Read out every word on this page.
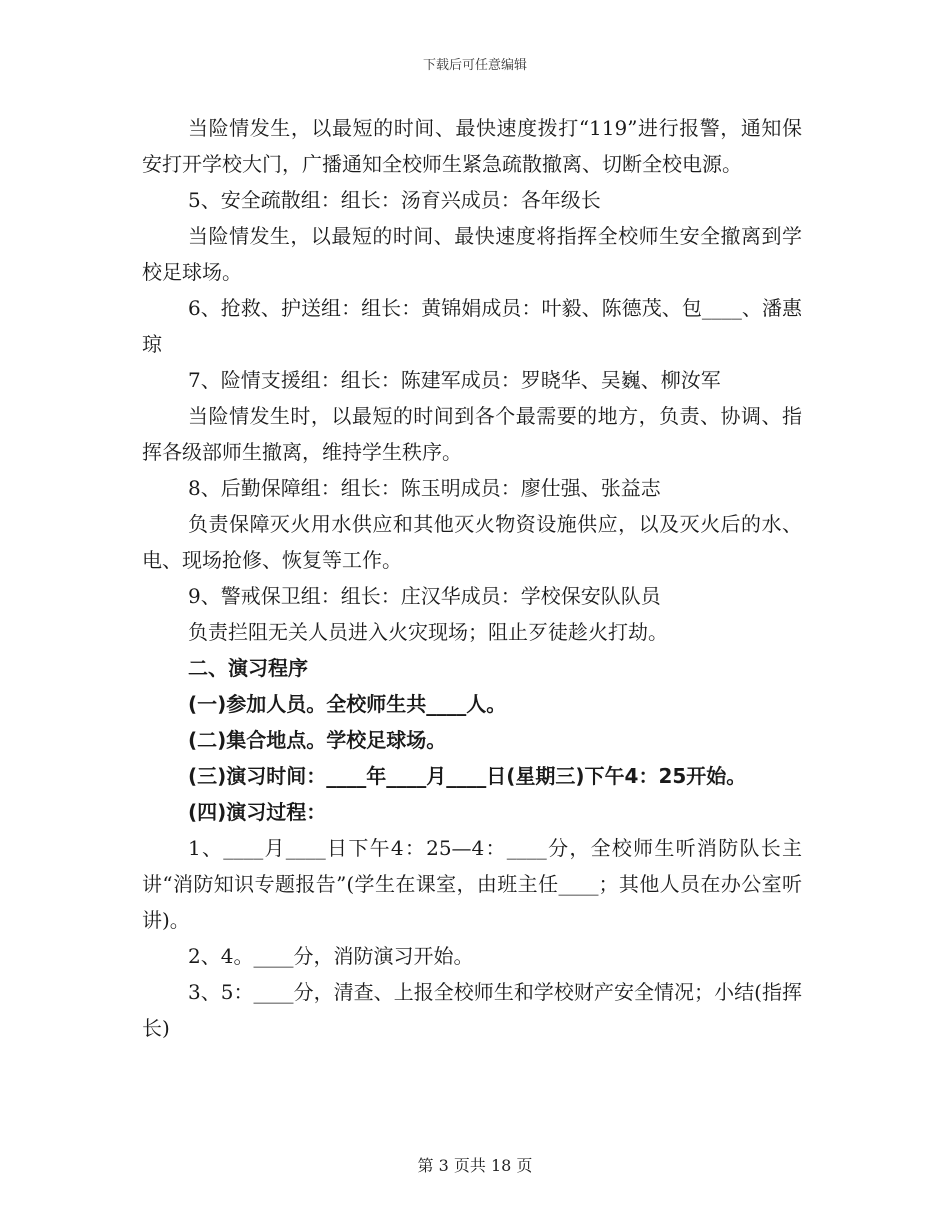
下载后可任意编辑

当险情发生，以最短的时间、最快速度拨打“119”进行报警，通知保安打开学校大门，广播通知全校师生紧急疏散撤离、切断全校电源。

5、安全疏散组：组长：汤育兴成员：各年级长

当险情发生，以最短的时间、最快速度将指挥全校师生安全撤离到学校足球场。

6、抢救、护送组：组长：黄锦娟成员：叶毅、陈德茂、包____、潘惠琼

7、险情支援组：组长：陈建军成员：罗晓华、吴巍、柳汝军

当险情发生时，以最短的时间到各个最需要的地方，负责、协调、指挥各级部师生撤离，维持学生秩序。

8、后勤保障组：组长：陈玉明成员：廖仕强、张益志

负责保障灭火用水供应和其他灭火物资设施供应，以及灭火后的水、电、现场抢修、恢复等工作。

9、警戒保卫组：组长：庄汉华成员：学校保安队队员

负责拦阻无关人员进入火灾现场；阻止歹徒趁火打劫。

二、演习程序

(一)参加人员。全校师生共____人。

(二)集合地点。学校足球场。

(三)演习时间：____年____月____日(星期三)下午4：25开始。

(四)演习过程：

1、____月____日下午4：25—4：____分，全校师生听消防队长主讲“消防知识专题报告”(学生在课室，由班主任____；其他人员在办公室听讲)。

2、4。____分，消防演习开始。

3、5：____分，清查、上报全校师生和学校财产安全情况；小结(指挥长)

第 3 页共 18 页
